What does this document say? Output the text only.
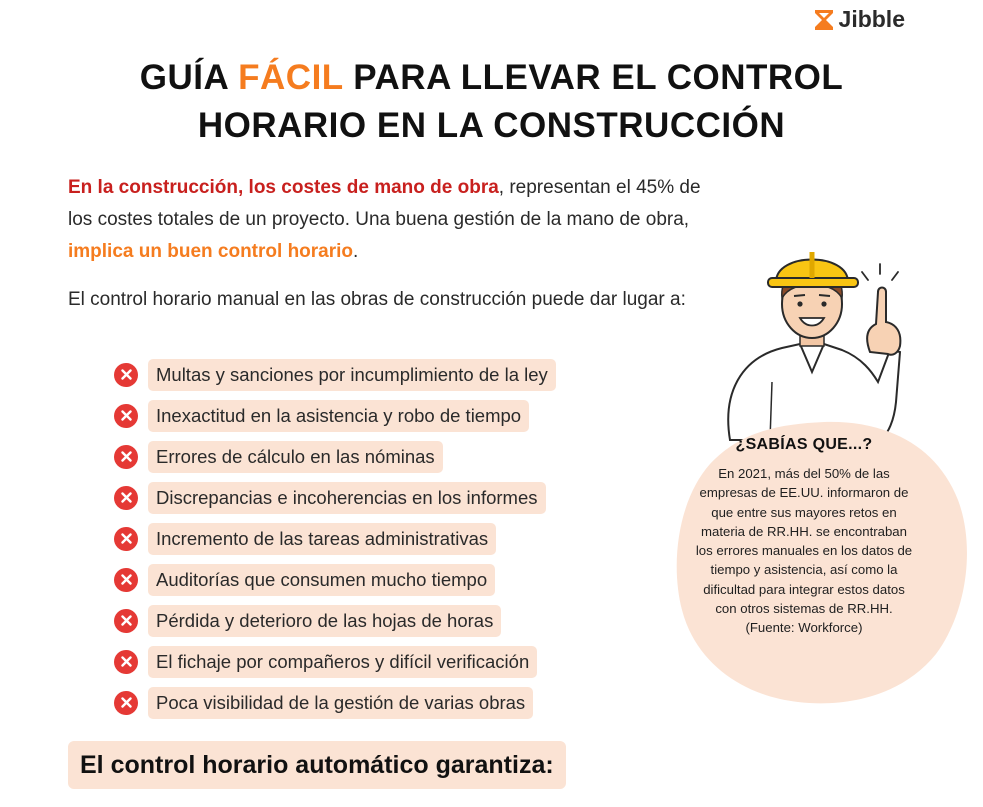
Jibble
GUÍA FÁCIL PARA LLEVAR EL CONTROL
HORARIO EN LA CONSTRUCCIÓN

En la construcción, los costes de mano de obra, representan el 45% de los costes totales de un proyecto. Una buena gestión de la mano de obra, implica un buen control horario.

El control horario manual en las obras de construcción puede dar lugar a:

Multas y sanciones por incumplimiento de la ley
Inexactitud en la asistencia y robo de tiempo
Errores de cálculo en las nóminas
Discrepancias e incoherencias en los informes
Incremento de las tareas administrativas
Auditorías que consumen mucho tiempo
Pérdida y deterioro de las hojas de horas
El fichaje por compañeros y difícil verificación
Poca visibilidad de la gestión de varias obras

¿SABÍAS QUE...?

En 2021, más del 50% de las empresas de EE.UU. informaron de que entre sus mayores retos en materia de RR.HH. se encontraban los errores manuales en los datos de tiempo y asistencia, así como la dificultad para integrar estos datos con otros sistemas de RR.HH. (Fuente: Workforce)

El control horario automático garantiza:
